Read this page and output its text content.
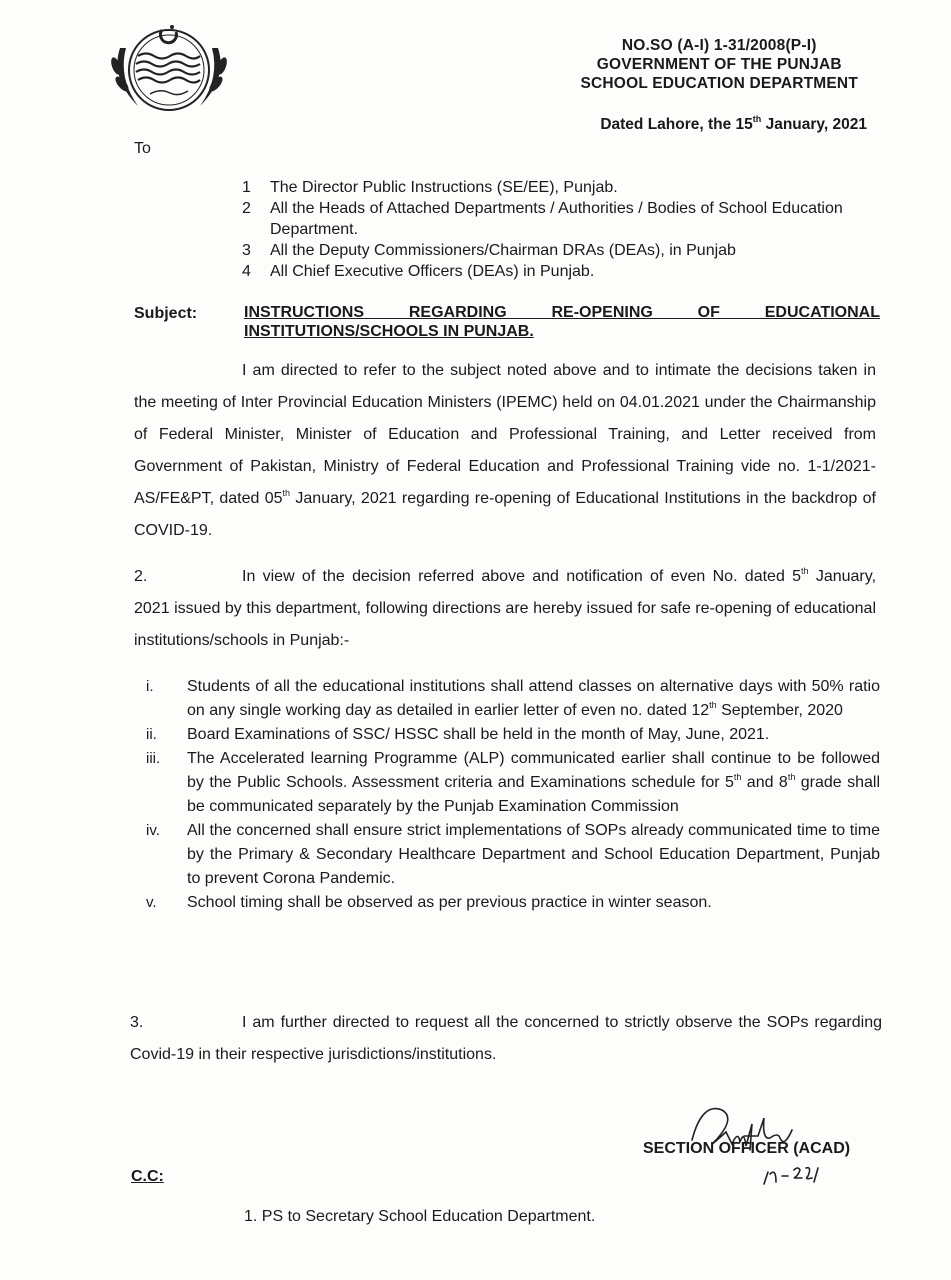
NO.SO (A-I) 1-31/2008(P-I)
GOVERNMENT OF THE PUNJAB
SCHOOL EDUCATION DEPARTMENT
Dated Lahore, the 15th January, 2021
To
1	The Director Public Instructions (SE/EE), Punjab.
2	All the Heads of Attached Departments / Authorities / Bodies of School Education Department.
3	All the Deputy Commissioners/Chairman DRAs (DEAs), in Punjab
4	All Chief Executive Officers (DEAs) in Punjab.
Subject:	INSTRUCTIONS REGARDING RE-OPENING OF EDUCATIONAL
INSTITUTIONS/SCHOOLS IN PUNJAB.
I am directed to refer to the subject noted above and to intimate the decisions taken in the meeting of Inter Provincial Education Ministers (IPEMC) held on 04.01.2021 under the Chairmanship of Federal Minister, Minister of Education and Professional Training, and Letter received from Government of Pakistan, Ministry of Federal Education and Professional Training vide no. 1-1/2021-AS/FE&PT, dated 05th January, 2021 regarding re-opening of Educational Institutions in the backdrop of COVID-19.
2.	In view of the decision referred above and notification of even No. dated 5th January, 2021 issued by this department, following directions are hereby issued for safe re-opening of educational institutions/schools in Punjab:-
i.	Students of all the educational institutions shall attend classes on alternative days with 50% ratio on any single working day as detailed in earlier letter of even no. dated 12th September, 2020
ii.	Board Examinations of SSC/ HSSC shall be held in the month of May, June, 2021.
iii.	The Accelerated learning Programme (ALP) communicated earlier shall continue to be followed by the Public Schools. Assessment criteria and Examinations schedule for 5th and 8th grade shall be communicated separately by the Punjab Examination Commission
iv.	All the concerned shall ensure strict implementations of SOPs already communicated time to time by the Primary & Secondary Healthcare Department and School Education Department, Punjab to prevent Corona Pandemic.
v.	School timing shall be observed as per previous practice in winter season.
3.	I am further directed to request all the concerned to strictly observe the SOPs regarding Covid-19 in their respective jurisdictions/institutions.
SECTION OFFICER (ACAD)
C.C:
1. PS to Secretary School Education Department.
